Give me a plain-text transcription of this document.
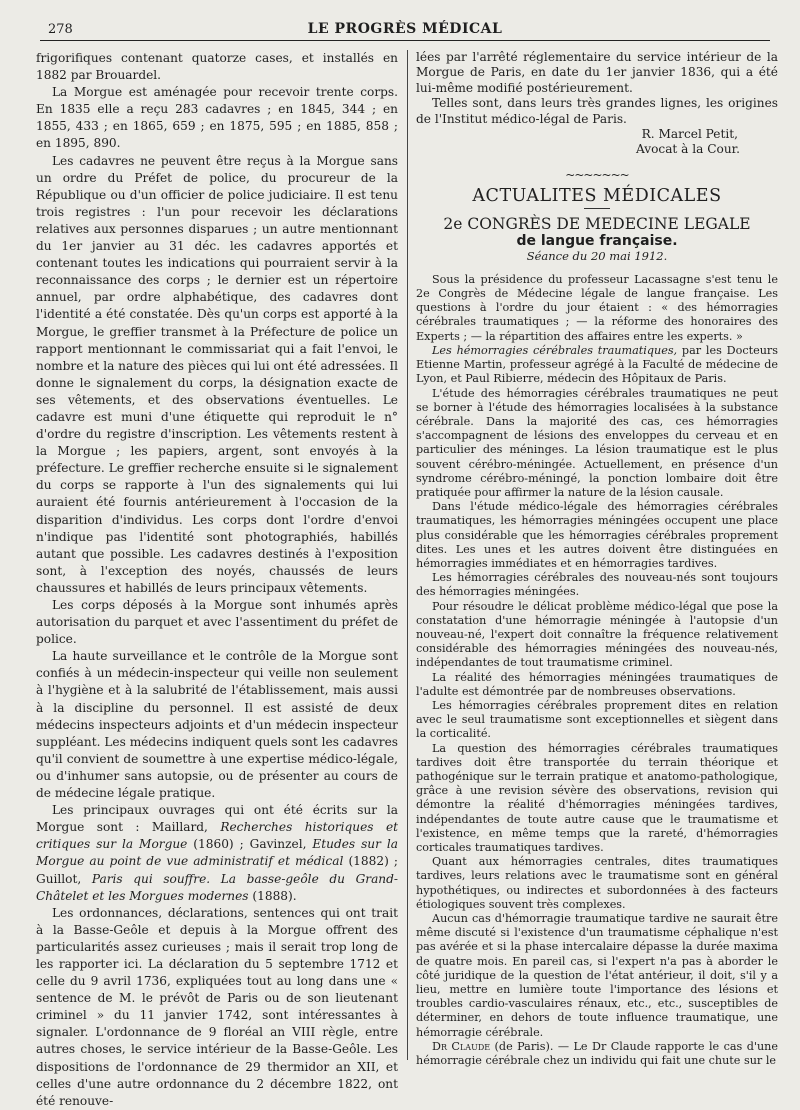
278	LE PROGRÈS MÉDICAL

frigorifiques contenant quatorze cases, et installés en 1882 par Brouardel.

La Morgue est aménagée pour recevoir trente corps. En 1835 elle a reçu 283 cadavres ; en 1845, 344 ; en 1855, 433 ; en 1865, 659 ; en 1875, 595 ; en 1885, 858 ; en 1895, 890.

Les cadavres ne peuvent être reçus à la Morgue sans un ordre du Préfet de police, du procureur de la République ou d'un officier de police judiciaire. Il est tenu trois registres : l'un pour recevoir les déclarations relatives aux personnes disparues ; un autre mentionnant du 1er janvier au 31 déc. les cadavres apportés et contenant toutes les indications qui pourraient servir à la reconnaissance des corps ; le dernier est un répertoire annuel, par ordre alphabétique, des cadavres dont l'identité a été constatée. Dès qu'un corps est apporté à la Morgue, le greffier transmet à la Préfecture de police un rapport mentionnant le commissariat qui a fait l'envoi, le nombre et la nature des pièces qui lui ont été adressées. Il donne le signalement du corps, la désignation exacte de ses vêtements, et des observations éventuelles. Le cadavre est muni d'une étiquette qui reproduit le n° d'ordre du registre d'inscription. Les vêtements restent à la Morgue ; les papiers, argent, sont envoyés à la préfecture. Le greffier recherche ensuite si le signalement du corps se rapporte à l'un des signalements qui lui auraient été fournis antérieurement à l'occasion de la disparition d'individus. Les corps dont l'ordre d'envoi n'indique pas l'identité sont photographiés, habillés autant que possible. Les cadavres destinés à l'exposition sont, à l'exception des noyés, chaussés de leurs chaussures et habillés de leurs principaux vêtements.

Les corps déposés à la Morgue sont inhumés après autorisation du parquet et avec l'assentiment du préfet de police.

La haute surveillance et le contrôle de la Morgue sont confiés à un médecin-inspecteur qui veille non seulement à l'hygiène et à la salubrité de l'établissement, mais aussi à la discipline du personnel. Il est assisté de deux médecins inspecteurs adjoints et d'un médecin inspecteur suppléant. Les médecins indiquent quels sont les cadavres qu'il convient de soumettre à une expertise médico-légale, ou d'inhumer sans autopsie, ou de présenter au cours de de médecine légale pratique.

Les principaux ouvrages qui ont été écrits sur la Morgue sont : Maillard, Recherches historiques et critiques sur la Morgue (1860) ; Gavinzel, Etudes sur la Morgue au point de vue administratif et médical (1882) ; Guillot, Paris qui souffre. La basse-geôle du Grand-Châtelet et les Morgues modernes (1888).

Les ordonnances, déclarations, sentences qui ont trait à la Basse-Geôle et depuis à la Morgue offrent des particularités assez curieuses ; mais il serait trop long de les rapporter ici. La déclaration du 5 septembre 1712 et celle du 9 avril 1736, expliquées tout au long dans une « sentence de M. le prévôt de Paris ou de son lieutenant criminel » du 11 janvier 1742, sont intéressantes à signaler. L'ordonnance de 9 floréal an VIII règle, entre autres choses, le service intérieur de la Basse-Geôle. Les dispositions de l'ordonnance de 29 thermidor an XII, et celles d'une autre ordonnance du 2 décembre 1822, ont été renouve-

lées par l'arrêté réglementaire du service intérieur de la Morgue de Paris, en date du 1er janvier 1836, qui a été lui-même modifié postérieurement.

Telles sont, dans leurs très grandes lignes, les origines de l'Institut médico-légal de Paris.

R. Marcel Petit,
Avocat à la Cour.
~~~~~~~
ACTUALITES MÉDICALES
2e CONGRÈS DE MEDECINE LEGALE
de langue française.
Séance du 20 mai 1912.

Sous la présidence du professeur Lacassagne s'est tenu le 2e Congrès de Médecine légale de langue française. Les questions à l'ordre du jour étaient : « des hémorragies cérébrales traumatiques ; — la réforme des honoraires des Experts ; — la répartition des affaires entre les experts. »

Les hémorragies cérébrales traumatiques, par les Docteurs Etienne Martin, professeur agrégé à la Faculté de médecine de Lyon, et Paul Ribierre, médecin des Hôpitaux de Paris.

L'étude des hémorragies cérébrales traumatiques ne peut se borner à l'étude des hémorragies localisées à la substance cérébrale. Dans la majorité des cas, ces hémorragies s'accompagnent de lésions des enveloppes du cerveau et en particulier des méninges. La lésion traumatique est le plus souvent cérébro-méningée. Actuellement, en présence d'un syndrome cérébro-méningé, la ponction lombaire doit être pratiquée pour affirmer la nature de la lésion causale.

Dans l'étude médico-légale des hémorragies cérébrales traumatiques, les hémorragies méningées occupent une place plus considérable que les hémorragies cérébrales proprement dites. Les unes et les autres doivent être distinguées en hémorragies immédiates et en hémorragies tardives.

Les hémorragies cérébrales des nouveau-nés sont toujours des hémorragies méningées.

Pour résoudre le délicat problème médico-légal que pose la constatation d'une hémorragie méningée à l'autopsie d'un nouveau-né, l'expert doit connaître la fréquence relativement considérable des hémorragies méningées des nouveau-nés, indépendantes de tout traumatisme criminel.

La réalité des hémorragies méningées traumatiques de l'adulte est démontrée par de nombreuses observations.

Les hémorragies cérébrales proprement dites en relation avec le seul traumatisme sont exceptionnelles et siègent dans la corticalité.

La question des hémorragies cérébrales traumatiques tardives doit être transportée du terrain théorique et pathogénique sur le terrain pratique et anatomo-pathologique, grâce à une revision sévère des observations, revision qui démontre la réalité d'hémorragies méningées tardives, indépendantes de toute autre cause que le traumatisme et l'existence, en même temps que la rareté, d'hémorragies corticales traumatiques tardives.

Quant aux hémorragies centrales, dites traumatiques tardives, leurs relations avec le traumatisme sont en général hypothétiques, ou indirectes et subordonnées à des facteurs étiologiques souvent très complexes.

Aucun cas d'hémorragie traumatique tardive ne saurait être même discuté si l'existence d'un traumatisme céphalique n'est pas avérée et si la phase intercalaire dépasse la durée maxima de quatre mois. En pareil cas, si l'expert n'a pas à aborder le côté juridique de la question de l'état antérieur, il doit, s'il y a lieu, mettre en lumière toute l'importance des lésions et troubles cardio-vasculaires rénaux, etc., etc., susceptibles de déterminer, en dehors de toute influence traumatique, une hémorragie cérébrale.

Dr Claude (de Paris). — Le Dr Claude rapporte le cas d'une hémorragie cérébrale chez un individu qui fait une chute sur le
